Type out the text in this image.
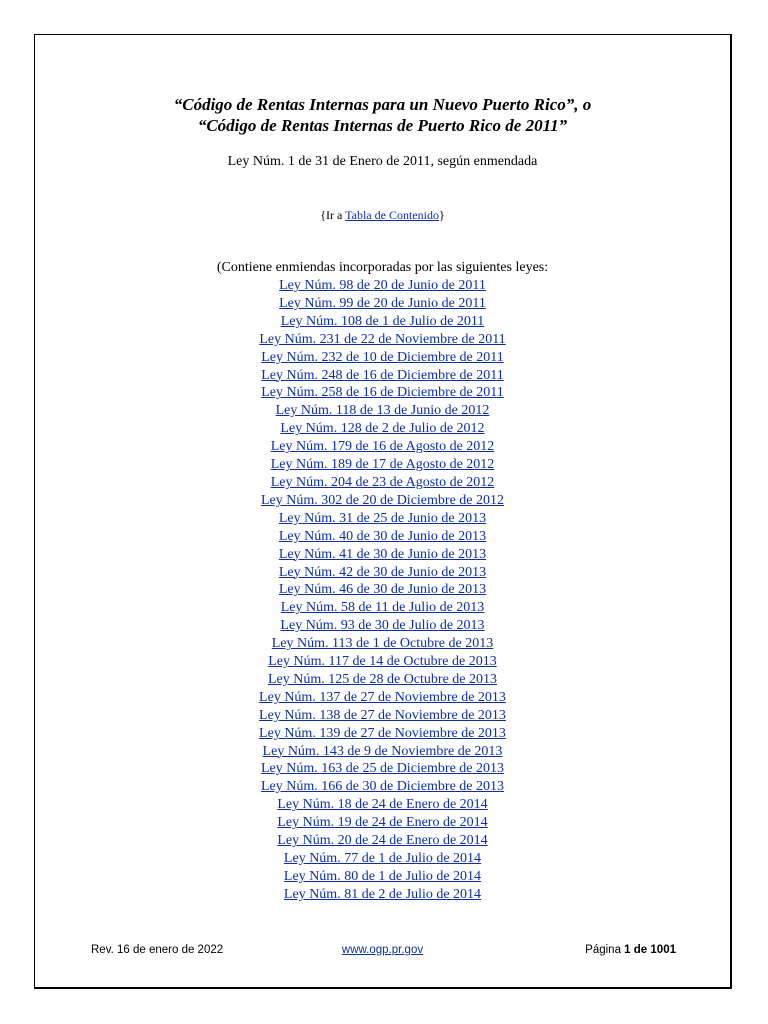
“Código de Rentas Internas para un Nuevo Puerto Rico”, o
“Código de Rentas Internas de Puerto Rico de 2011”
Ley Núm. 1 de 31 de Enero de 2011, según enmendada
{Ir a Tabla de Contenido}
(Contiene enmiendas incorporadas por las siguientes leyes:
Ley Núm. 98 de 20 de Junio de 2011
Ley Núm. 99 de 20 de Junio de 2011
Ley Núm. 108 de 1 de Julio de 2011
Ley Núm. 231 de 22 de Noviembre de 2011
Ley Núm. 232 de 10 de Diciembre de 2011
Ley Núm. 248 de 16 de Diciembre de 2011
Ley Núm. 258 de 16 de Diciembre de 2011
Ley Núm. 118 de 13 de Junio de 2012
Ley Núm. 128 de 2 de Julio de 2012
Ley Núm. 179 de 16 de Agosto de 2012
Ley Núm. 189 de 17 de Agosto de 2012
Ley Núm. 204 de 23 de Agosto de 2012
Ley Núm. 302 de 20 de Diciembre de 2012
Ley Núm. 31 de 25 de Junio de 2013
Ley Núm. 40 de 30 de Junio de 2013
Ley Núm. 41 de 30 de Junio de 2013
Ley Núm. 42 de 30 de Junio de 2013
Ley Núm. 46 de 30 de Junio de 2013
Ley Núm. 58 de 11 de Julio de 2013
Ley Núm. 93 de 30 de Julio de 2013
Ley Núm. 113 de 1 de Octubre de 2013
Ley Núm. 117 de 14 de Octubre de 2013
Ley Núm. 125 de 28 de Octubre de 2013
Ley Núm. 137 de 27 de Noviembre de 2013
Ley Núm. 138 de 27 de Noviembre de 2013
Ley Núm. 139 de 27 de Noviembre de 2013
Ley Núm. 143 de 9 de Noviembre de 2013
Ley Núm. 163 de 25 de Diciembre de 2013
Ley Núm. 166 de 30 de Diciembre de 2013
Ley Núm. 18 de 24 de Enero de 2014
Ley Núm. 19 de 24 de Enero de 2014
Ley Núm. 20 de 24 de Enero de 2014
Ley Núm. 77 de 1 de Julio de 2014
Ley Núm. 80 de 1 de Julio de 2014
Ley Núm. 81 de 2 de Julio de 2014
Rev. 16 de enero de 2022	www.ogp.pr.gov	Página 1 de 1001
